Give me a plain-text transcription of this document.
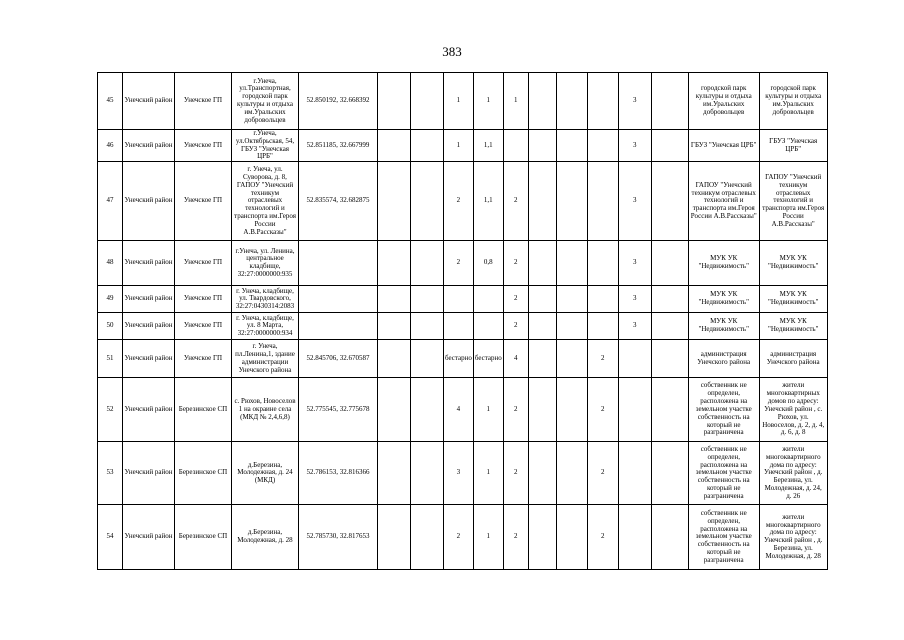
383
45	Унечский район	Унечское ГП	г.Унеча, ул.Транспортная, городской парк культуры и отдыха им.Уральских добровольцев	52.850192, 32.668392			1	1	1				3		городской парк культуры и отдыха им.Уральских добровольцев	городской парк культуры и отдыха им.Уральских добровольцев
46	Унечский район	Унечское ГП	г.Унеча, ул.Октябрьская, 54, ГБУЗ "Унечская ЦРБ"	52.851185, 32.667999			1	1,1					3		ГБУЗ "Унечская ЦРБ"	ГБУЗ "Унечская ЦРБ"
47	Унечский район	Унечское ГП	г. Унеча, ул. Суворова, д. 8, ГАПОУ "Унечский техникум отраслевых технологий и транспорта им.Героя России А.В.Рассказы"	52.835574, 32.682875			2	1,1	2				3		ГАПОУ "Унечский техникум отраслевых технологий и транспорта им.Героя России А.В.Рассказы"	ГАПОУ "Унечский техникум отраслевых технологий и транспорта им.Героя России А.В.Рассказы"
48	Унечский район	Унечское ГП	г.Унеча, ул. Ленина, центральное кладбище, 32:27:0000000:935				2	0,8	2				3		МУК УК "Недвижимость"	МУК УК "Недвижимость"
49	Унечский район	Унечское ГП	г. Унеча, кладбище, ул. Твардовского, 32:27:0430314:2083						2				3		МУК УК "Недвижимость"	МУК УК "Недвижимость"
50	Унечский район	Унечское ГП	г. Унеча, кладбище, ул. 8 Марта, 32:27:0000000:934						2				3		МУК УК "Недвижимость"	МУК УК "Недвижимость"
51	Унечский район	Унечское ГП	г. Унеча, пл.Ленина,1, здание администрации Унечского района	52.845706, 32.670587			бестарно	бестарно	4			2			администрация Унечского района	администрация Унечского района
52	Унечский район	Березинское СП	с. Рюхов, Новоселов 1 на окраине села (МКД № 2,4,6,8)	52.775545, 32.775678			4	1	2			2			собственник не определен, расположена на земельном участке собственность на который не разграничена	жители многоквартирных домов по адресу: Унечский район , с. Рюхов, ул. Новоселов, д. 2, д. 4, д. 6, д. 8
53	Унечский район	Березинское СП	д.Березина, Молодежная, д. 24 (МКД)	52.786153, 32.816366			3	1	2			2			собственник не определен, расположена на земельном участке собственность на который не разграничена	жители многоквартирного дома по адресу: Унечский район , д. Березина, ул. Молодежная, д. 24, д. 26
54	Унечский район	Березинское СП	д.Березина, Молодежная, д. 28	52.785730, 32.817653			2	1	2			2			собственник не определен, расположена на земельном участке собственность на который не разграничена	жители многоквартирного дома по адресу: Унечский район , д. Березина, ул. Молодежная, д. 28
